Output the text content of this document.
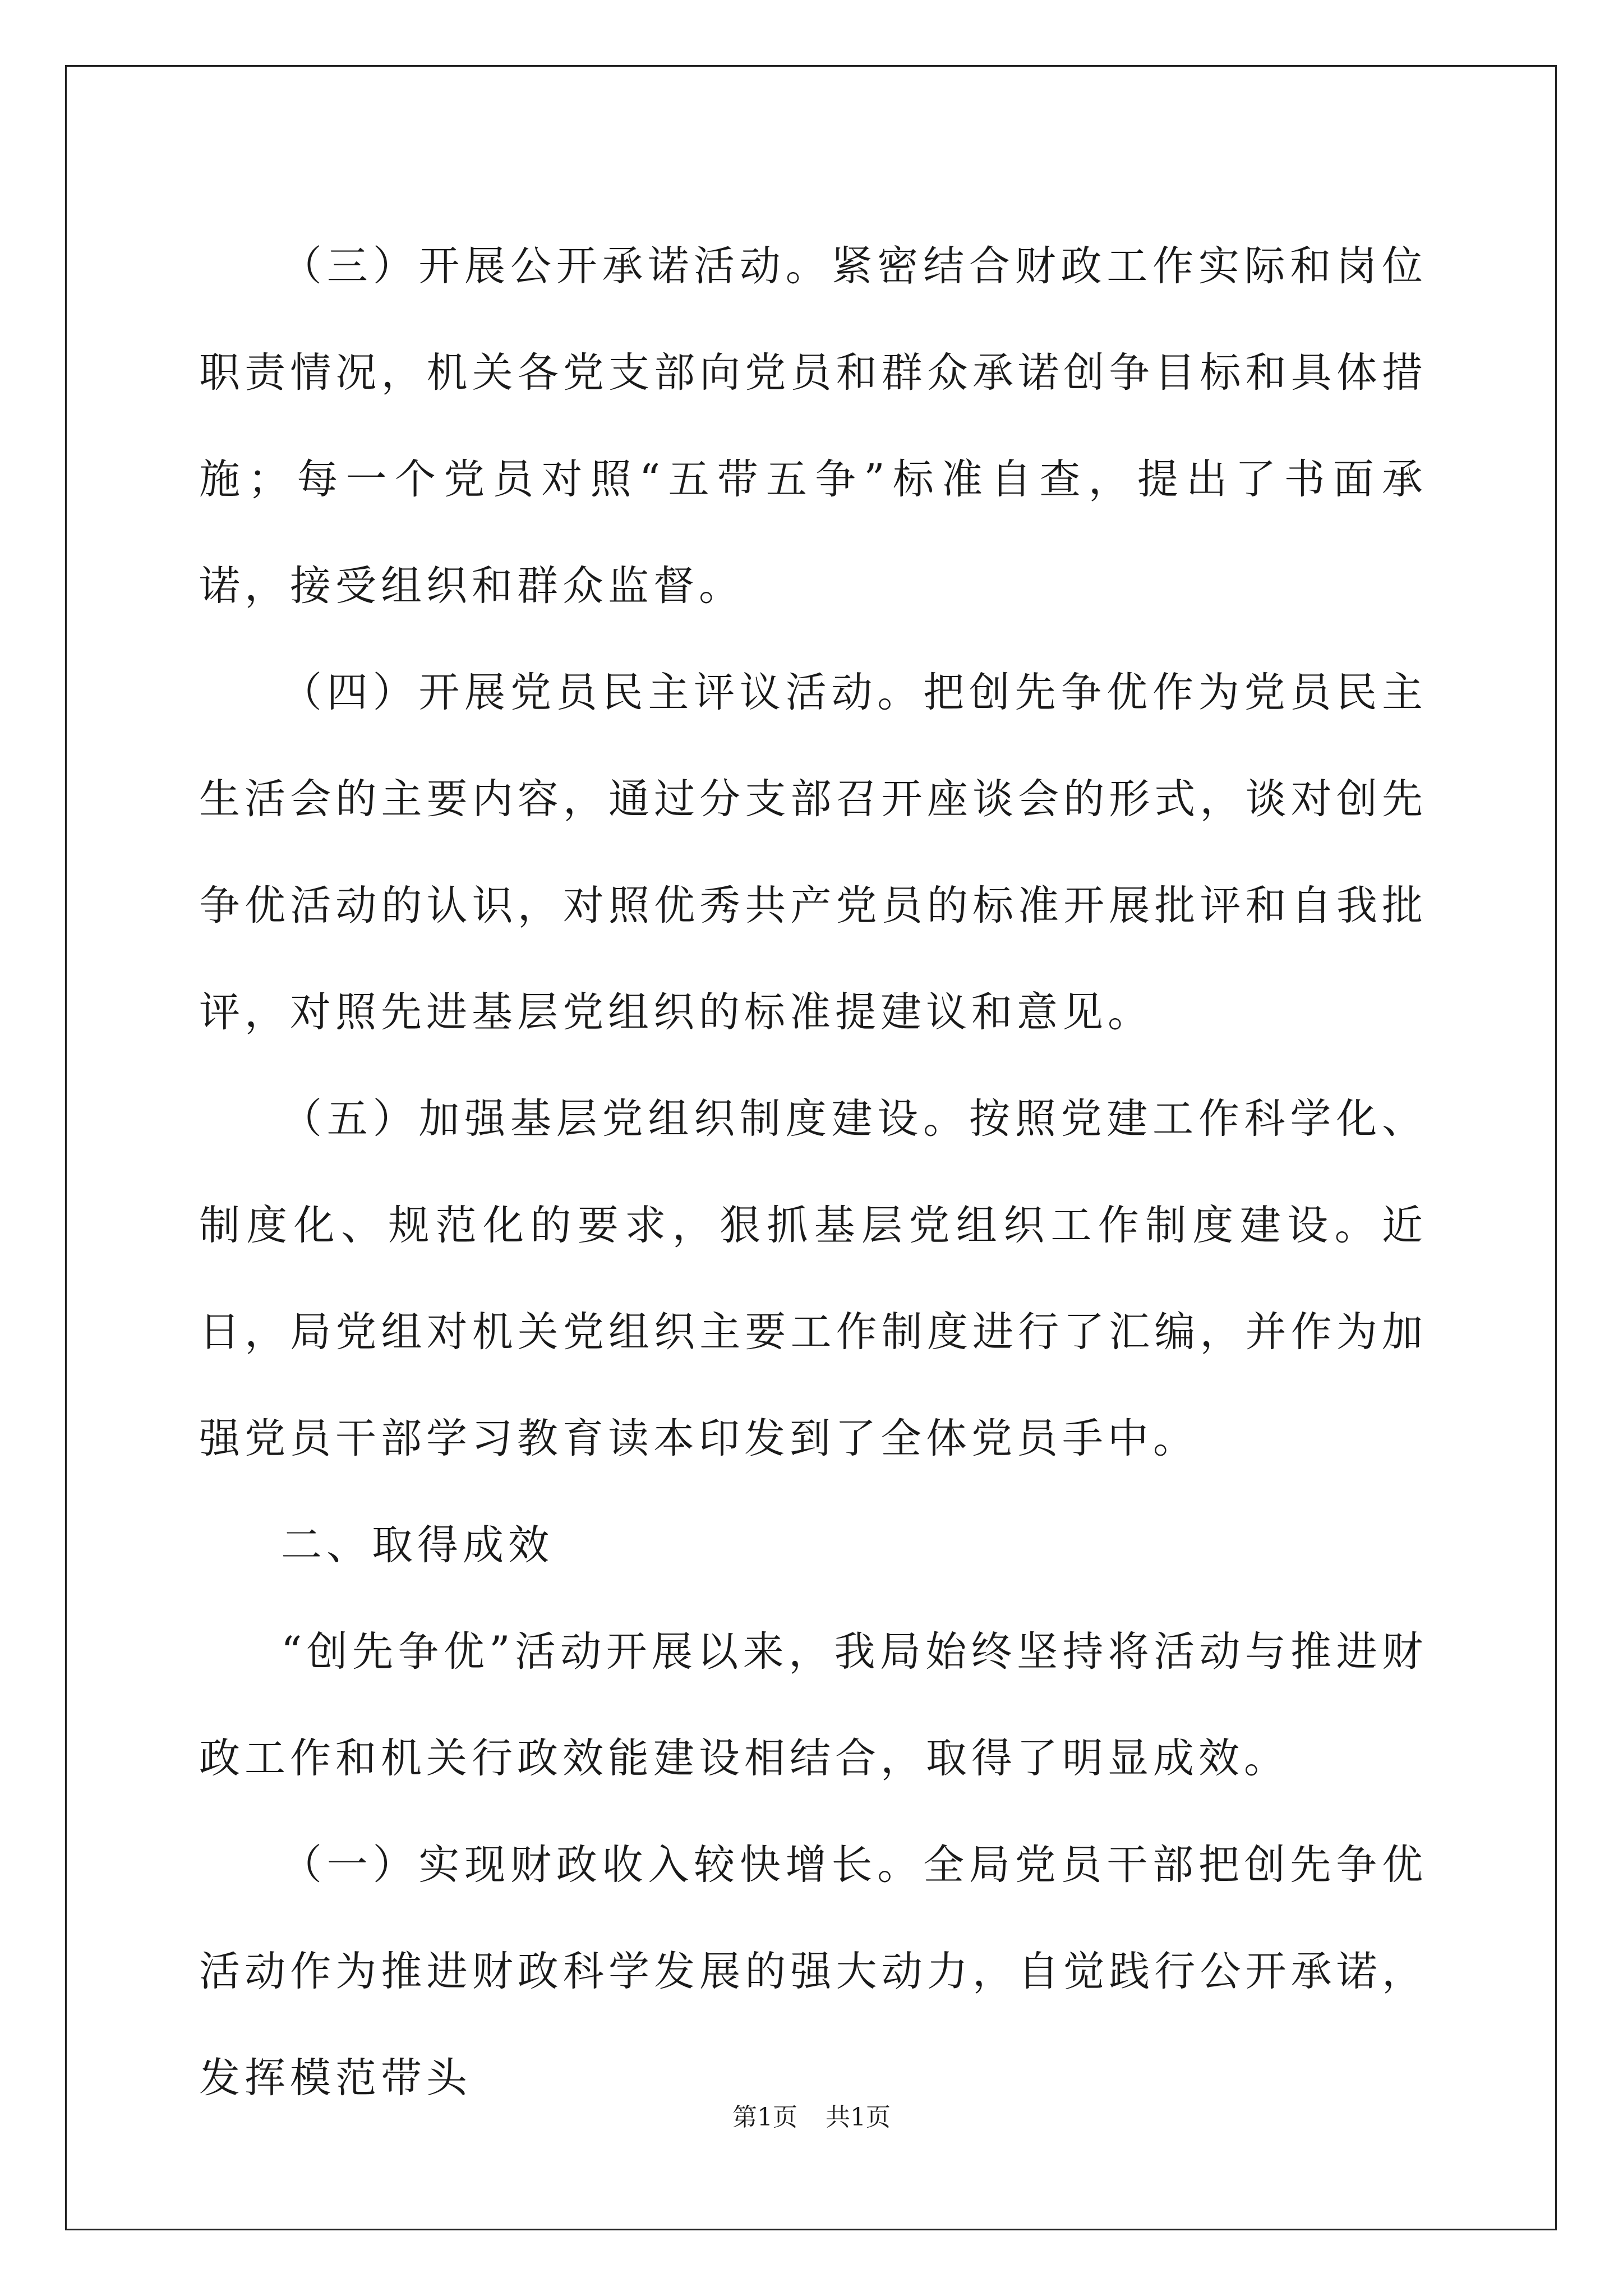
（三）开展公开承诺活动。紧密结合财政工作实际和岗位职责情况，机关各党支部向党员和群众承诺创争目标和具体措施；每一个党员对照“五带五争”标准自查，提出了书面承诺，接受组织和群众监督。

（四）开展党员民主评议活动。把创先争优作为党员民主生活会的主要内容，通过分支部召开座谈会的形式，谈对创先争优活动的认识，对照优秀共产党员的标准开展批评和自我批评，对照先进基层党组织的标准提建议和意见。

（五）加强基层党组织制度建设。按照党建工作科学化、制度化、规范化的要求，狠抓基层党组织工作制度建设。近日，局党组对机关党组织主要工作制度进行了汇编，并作为加强党员干部学习教育读本印发到了全体党员手中。

二、取得成效

“创先争优”活动开展以来，我局始终坚持将活动与推进财政工作和机关行政效能建设相结合，取得了明显成效。

（一）实现财政收入较快增长。全局党员干部把创先争优活动作为推进财政科学发展的强大动力，自觉践行公开承诺，发挥模范带头

第1页 共1页
